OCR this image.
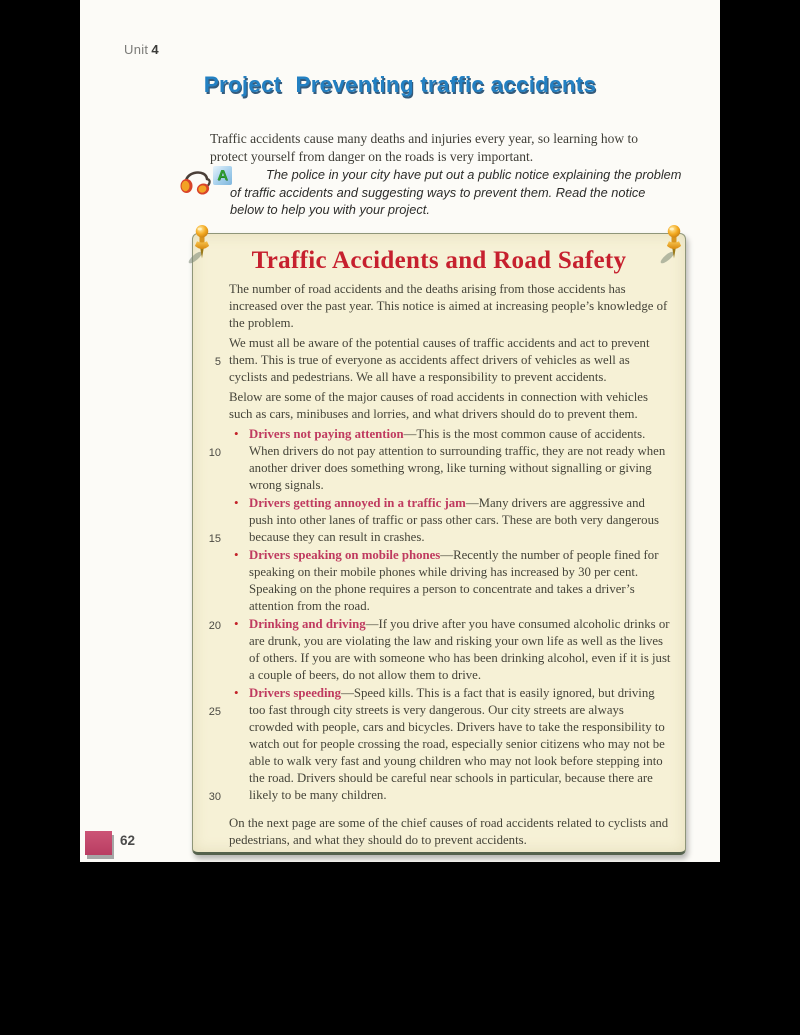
Unit 4
Project Preventing traffic accidents

Traffic accidents cause many deaths and injuries every year, so learning how to protect yourself from danger on the roads is very important.

A	The police in your city have put out a public notice explaining the problem of traffic accidents and suggesting ways to prevent them. Read the notice below to help you with your project.
Traffic Accidents and Road Safety

The number of road accidents and the deaths arising from those accidents has increased over the past year. This notice is aimed at increasing people’s knowledge of the problem.

We must all be aware of the potential causes of traffic accidents and act to prevent them. This is true of everyone as accidents affect drivers of vehicles as well as cyclists and pedestrians. We all have a responsibility to prevent accidents.
5

Below are some of the major causes of road accidents in connection with vehicles such as cars, minibuses and lorries, and what drivers should do to prevent them.

• Drivers not paying attention—This is the most common cause of accidents. When drivers do not pay attention to surrounding traffic, they are not ready when another driver does something wrong, like turning without signalling or giving wrong signals.
10
• Drivers getting annoyed in a traffic jam—Many drivers are aggressive and push into other lanes of traffic or pass other cars. These are both very dangerous because they can result in crashes.
15
• Drivers speaking on mobile phones—Recently the number of people fined for speaking on their mobile phones while driving has increased by 30 per cent. Speaking on the phone requires a person to concentrate and takes a driver’s attention from the road.
• Drinking and driving—If you drive after you have consumed alcoholic drinks or are drunk, you are violating the law and risking your own life as well as the lives of others. If you are with someone who has been drinking alcohol, even if it is just a couple of beers, do not allow them to drive.
20
• Drivers speeding—Speed kills. This is a fact that is easily ignored, but driving too fast through city streets is very dangerous. Our city streets are always crowded with people, cars and bicycles. Drivers have to take the responsibility to watch out for people crossing the road, especially senior citizens who may not be able to walk very fast and young children who may not look before stepping into the road. Drivers should be careful near schools in particular, because there are likely to be many children.
25
30

On the next page are some of the chief causes of road accidents related to cyclists and pedestrians, and what they should do to prevent accidents.

62
